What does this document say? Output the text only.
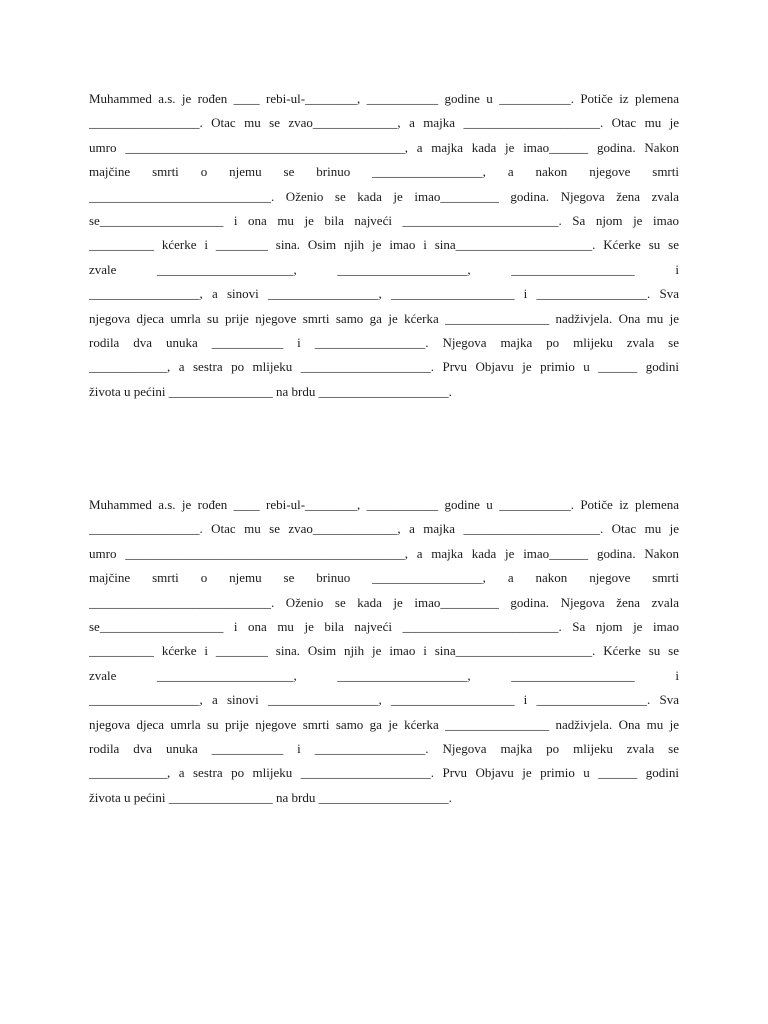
Muhammed a.s. je rođen ____ rebi-ul-________, ___________ godine u ___________. Potiče iz plemena
_________________. Otac mu se zvao_____________, a majka _____________________. Otac mu je
umro ___________________________________________, a majka kada je imao______ godina. Nakon
majčine smrti o njemu se brinuo _________________, a nakon njegove smrti
____________________________. Oženio se kada je imao_________ godina. Njegova žena zvala
se___________________ i ona mu je bila najveći ________________________. Sa njom je imao
__________ kćerke i ________ sina. Osim njih je imao i sina_____________________. Kćerke su se
zvale _____________________, ____________________, ___________________ i
_________________, a sinovi _________________, ___________________ i _________________. Sva
njegova djeca umrla su prije njegove smrti samo ga je kćerka ________________ nadživjela. Ona mu je
rodila dva unuka ___________ i _________________. Njegova majka po mlijeku zvala se
____________, a sestra po mlijeku ____________________. Prvu Objavu je primio u ______ godini
života u pećini ________________ na brdu ____________________.
Muhammed a.s. je rođen ____ rebi-ul-________, ___________ godine u ___________. Potiče iz plemena
_________________. Otac mu se zvao_____________, a majka _____________________. Otac mu je
umro ___________________________________________, a majka kada je imao______ godina. Nakon
majčine smrti o njemu se brinuo _________________, a nakon njegove smrti
____________________________. Oženio se kada je imao_________ godina. Njegova žena zvala
se___________________ i ona mu je bila najveći ________________________. Sa njom je imao
__________ kćerke i ________ sina. Osim njih je imao i sina_____________________. Kćerke su se
zvale _____________________, ____________________, ___________________ i
_________________, a sinovi _________________, ___________________ i _________________. Sva
njegova djeca umrla su prije njegove smrti samo ga je kćerka ________________ nadživjela. Ona mu je
rodila dva unuka ___________ i _________________. Njegova majka po mlijeku zvala se
____________, a sestra po mlijeku ____________________. Prvu Objavu je primio u ______ godini
života u pećini ________________ na brdu ____________________.
